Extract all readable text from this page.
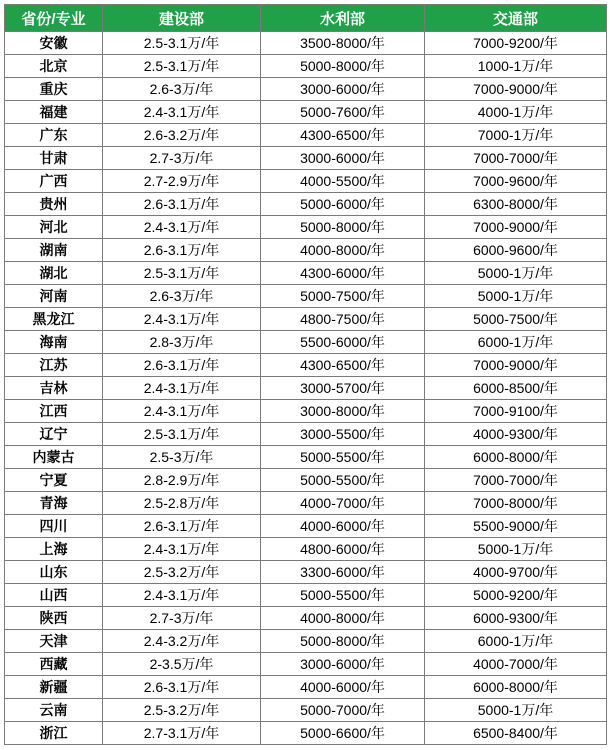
省份/专业	建设部	水利部	交通部
安徽	2.5-3.1万/年	3500-8000/年	7000-9200/年
北京	2.5-3.1万/年	5000-8000/年	1000-1万/年
重庆	2.6-3万/年	3000-6000/年	7000-9000/年
福建	2.4-3.1万/年	5000-7600/年	4000-1万/年
广东	2.6-3.2万/年	4300-6500/年	7000-1万/年
甘肃	2.7-3万/年	3000-6000/年	7000-7000/年
广西	2.7-2.9万/年	4000-5500/年	7000-9600/年
贵州	2.6-3.1万/年	5000-6000/年	6300-8000/年
河北	2.4-3.1万/年	5000-8000/年	7000-9000/年
湖南	2.6-3.1万/年	4000-8000/年	6000-9600/年
湖北	2.5-3.1万/年	4300-6000/年	5000-1万/年
河南	2.6-3万/年	5000-7500/年	5000-1万/年
黑龙江	2.4-3.1万/年	4800-7500/年	5000-7500/年
海南	2.8-3万/年	5500-6000/年	6000-1万/年
江苏	2.6-3.1万/年	4300-6500/年	7000-9000/年
吉林	2.4-3.1万/年	3000-5700/年	6000-8500/年
江西	2.4-3.1万/年	3000-8000/年	7000-9100/年
辽宁	2.5-3.1万/年	3000-5500/年	4000-9300/年
内蒙古	2.5-3万/年	5000-5500/年	6000-8000/年
宁夏	2.8-2.9万/年	5000-5500/年	7000-7000/年
青海	2.5-2.8万/年	4000-7000/年	7000-8000/年
四川	2.6-3.1万/年	4000-6000/年	5500-9000/年
上海	2.4-3.1万/年	4800-6000/年	5000-1万/年
山东	2.5-3.2万/年	3300-6000/年	4000-9700/年
山西	2.4-3.1万/年	5000-5500/年	5000-9200/年
陕西	2.7-3万/年	4000-8000/年	6000-9300/年
天津	2.4-3.2万/年	5000-8000/年	6000-1万/年
西藏	2-3.5万/年	3000-6000/年	4000-7000/年
新疆	2.6-3.1万/年	4000-6000/年	6000-8000/年
云南	2.5-3.2万/年	5000-7000/年	5000-1万/年
浙江	2.7-3.1万/年	5000-6600/年	6500-8400/年
